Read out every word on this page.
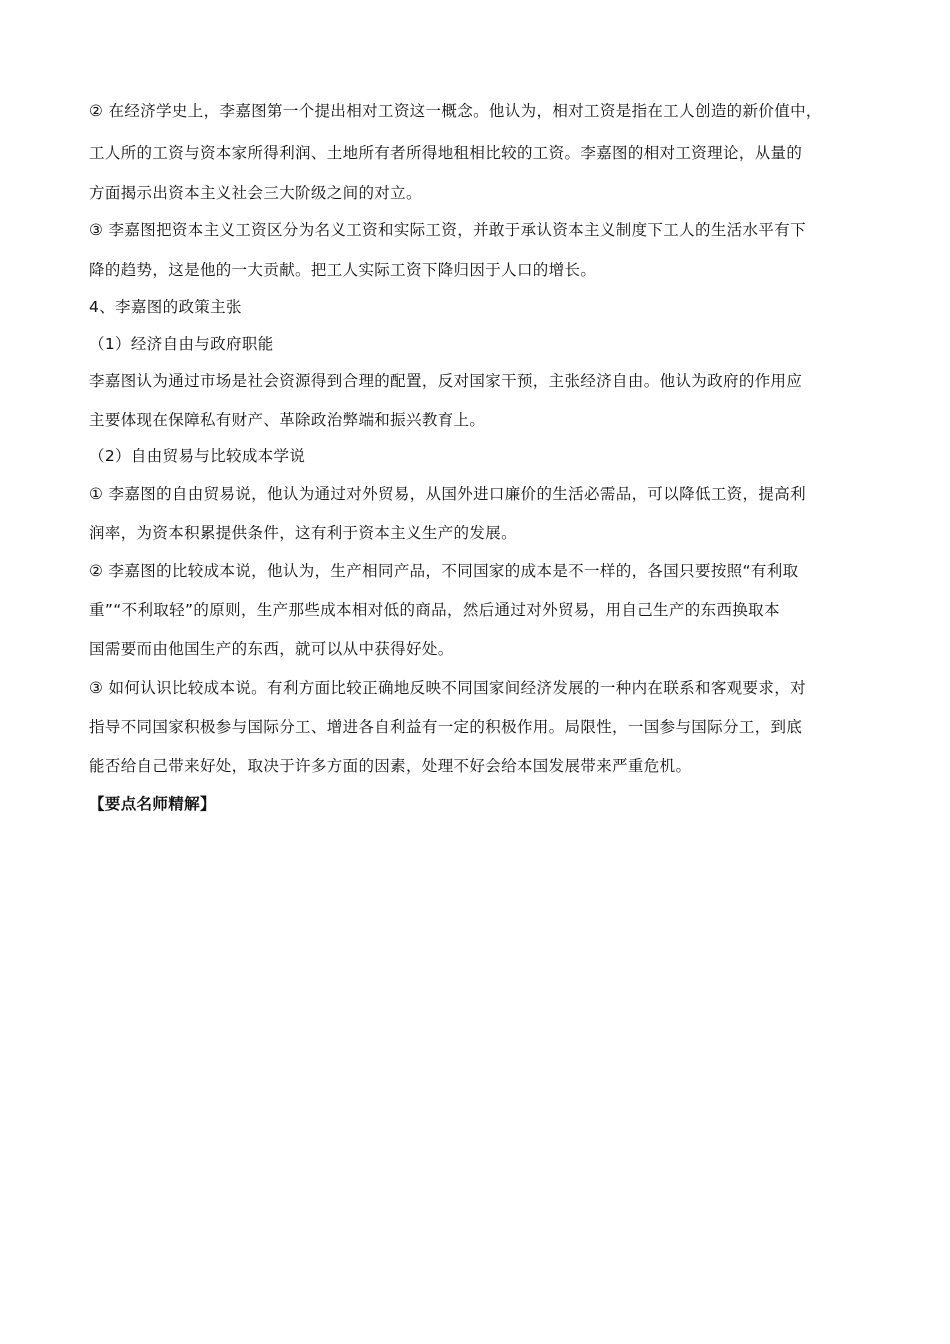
② 在经济学史上，李嘉图第一个提出相对工资这一概念。他认为，相对工资是指在工人创造的新价值中，
工人所的工资与资本家所得利润、土地所有者所得地租相比较的工资。李嘉图的相对工资理论，从量的
方面揭示出资本主义社会三大阶级之间的对立。
③ 李嘉图把资本主义工资区分为名义工资和实际工资，并敢于承认资本主义制度下工人的生活水平有下
降的趋势，这是他的一大贡献。把工人实际工资下降归因于人口的增长。
4、李嘉图的政策主张
（1）经济自由与政府职能
李嘉图认为通过市场是社会资源得到合理的配置，反对国家干预，主张经济自由。他认为政府的作用应
主要体现在保障私有财产、革除政治弊端和振兴教育上。
（2）自由贸易与比较成本学说
① 李嘉图的自由贸易说，他认为通过对外贸易，从国外进口廉价的生活必需品，可以降低工资，提高利
润率，为资本积累提供条件，这有利于资本主义生产的发展。
② 李嘉图的比较成本说，他认为，生产相同产品，不同国家的成本是不一样的，各国只要按照“有利取
重”“不利取轻”的原则，生产那些成本相对低的商品，然后通过对外贸易，用自己生产的东西换取本
国需要而由他国生产的东西，就可以从中获得好处。
③ 如何认识比较成本说。有利方面比较正确地反映不同国家间经济发展的一种内在联系和客观要求，对
指导不同国家积极参与国际分工、增进各自利益有一定的积极作用。局限性，一国参与国际分工，到底
能否给自己带来好处，取决于许多方面的因素，处理不好会给本国发展带来严重危机。
【要点名师精解】
